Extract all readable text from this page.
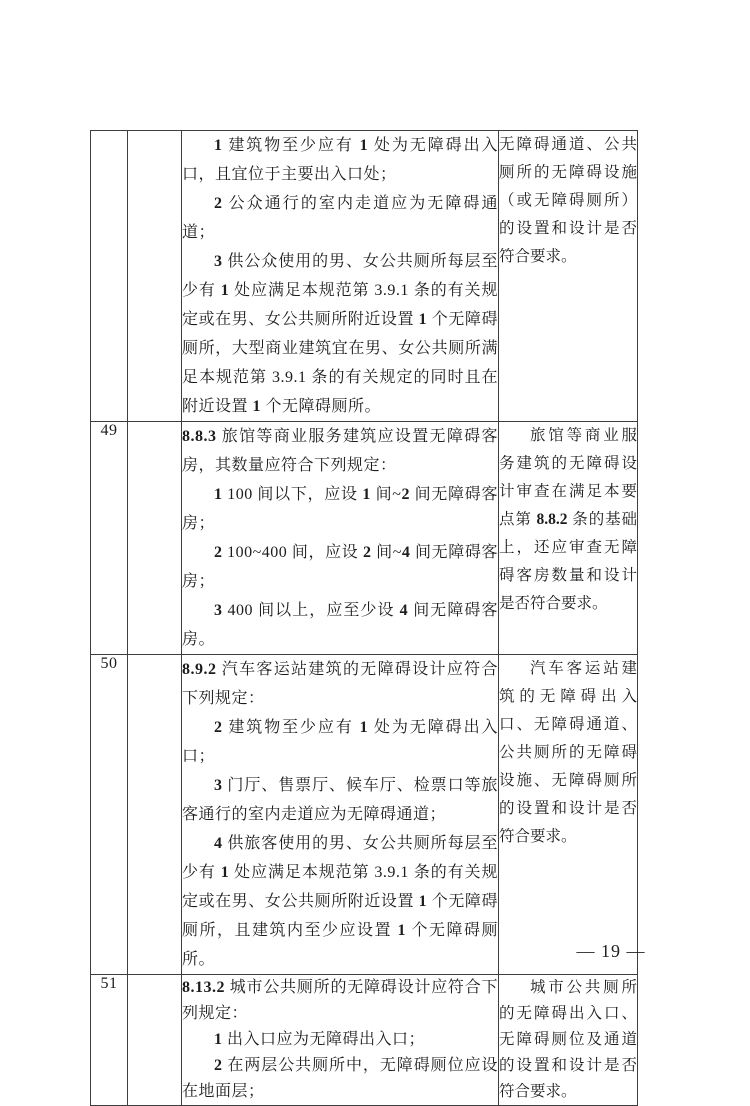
		1 建筑物至少应有 1 处为无障碍出入口，且宜位于主要出入口处；

2 公众通行的室内走道应为无障碍通道；

3 供公众使用的男、女公共厕所每层至少有 1 处应满足本规范第 3.9.1 条的有关规定或在男、女公共厕所附近设置 1 个无障碍厕所，大型商业建筑宜在男、女公共厕所满足本规范第 3.9.1 条的有关规定的同时且在附近设置 1 个无障碍厕所。	无障碍通道、公共厕所的无障碍设施（或无障碍厕所）的设置和设计是否符合要求。

49		8.8.3 旅馆等商业服务建筑应设置无障碍客房，其数量应符合下列规定：

1 100 间以下，应设 1 间~2 间无障碍客房；

2 100~400 间，应设 2 间~4 间无障碍客房；

3 400 间以上，应至少设 4 间无障碍客房。	旅馆等商业服务建筑的无障碍设计审查在满足本要点第 8.8.2 条的基础上，还应审查无障碍客房数量和设计是否符合要求。

50		8.9.2 汽车客运站建筑的无障碍设计应符合下列规定：

2 建筑物至少应有 1 处为无障碍出入口；

3 门厅、售票厅、候车厅、检票口等旅客通行的室内走道应为无障碍通道；

4 供旅客使用的男、女公共厕所每层至少有 1 处应满足本规范第 3.9.1 条的有关规定或在男、女公共厕所附近设置 1 个无障碍厕所，且建筑内至少应设置 1 个无障碍厕所。	汽车客运站建筑的无障碍出入口、无障碍通道、公共厕所的无障碍设施、无障碍厕所的设置和设计是否符合要求。

51		8.13.2 城市公共厕所的无障碍设计应符合下列规定：

1 出入口应为无障碍出入口；

2 在两层公共厕所中，无障碍厕位应设在地面层；	城市公共厕所的无障碍出入口、无障碍厕位及通道的设置和设计是否符合要求。

— 19 —
